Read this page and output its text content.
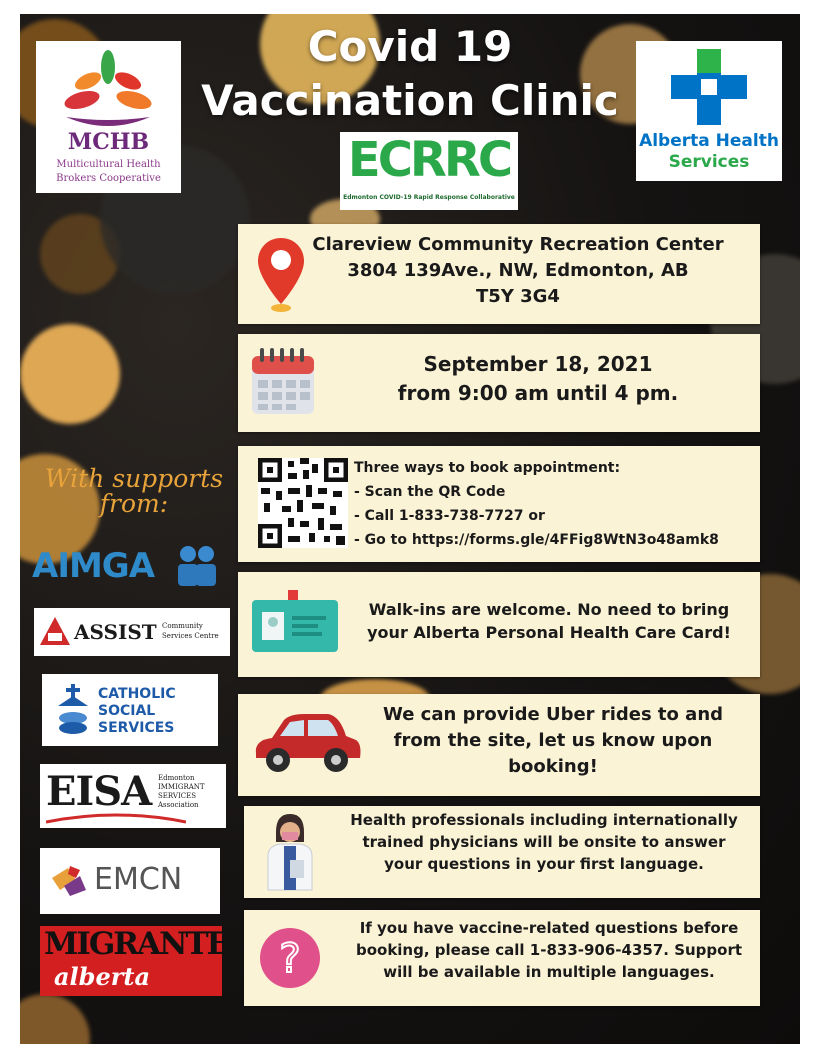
Covid 19
Vaccination Clinic
MCHB
Multicultural Health
Brokers Cooperative
Alberta Health
Services
ECRRC
Edmonton COVID-19 Rapid Response Collaborative
Clareview Community Recreation Center
3804 139Ave., NW, Edmonton, AB
T5Y 3G4
September 18, 2021
from 9:00 am until 4 pm.
Three ways to book appointment:
- Scan the QR Code
- Call 1-833-738-7727 or
- Go to https://forms.gle/4FFig8WtN3o48amk8
Walk-ins are welcome. No need to bring
your Alberta Personal Health Care Card!
We can provide Uber rides to and
from the site, let us know upon
booking!
Health professionals including internationally
trained physicians will be onsite to answer
your questions in your first language.
?
If you have vaccine-related questions before
booking, please call 1-833-906-4357. Support
will be available in multiple languages.
With supports
from:
AIMGA
ASSIST Community
Services Centre
CATHOLIC
SOCIAL
SERVICES
EISA Edmonton
IMMIGRANT
SERVICES
Association
EMCN
MIGRANTE
alberta
